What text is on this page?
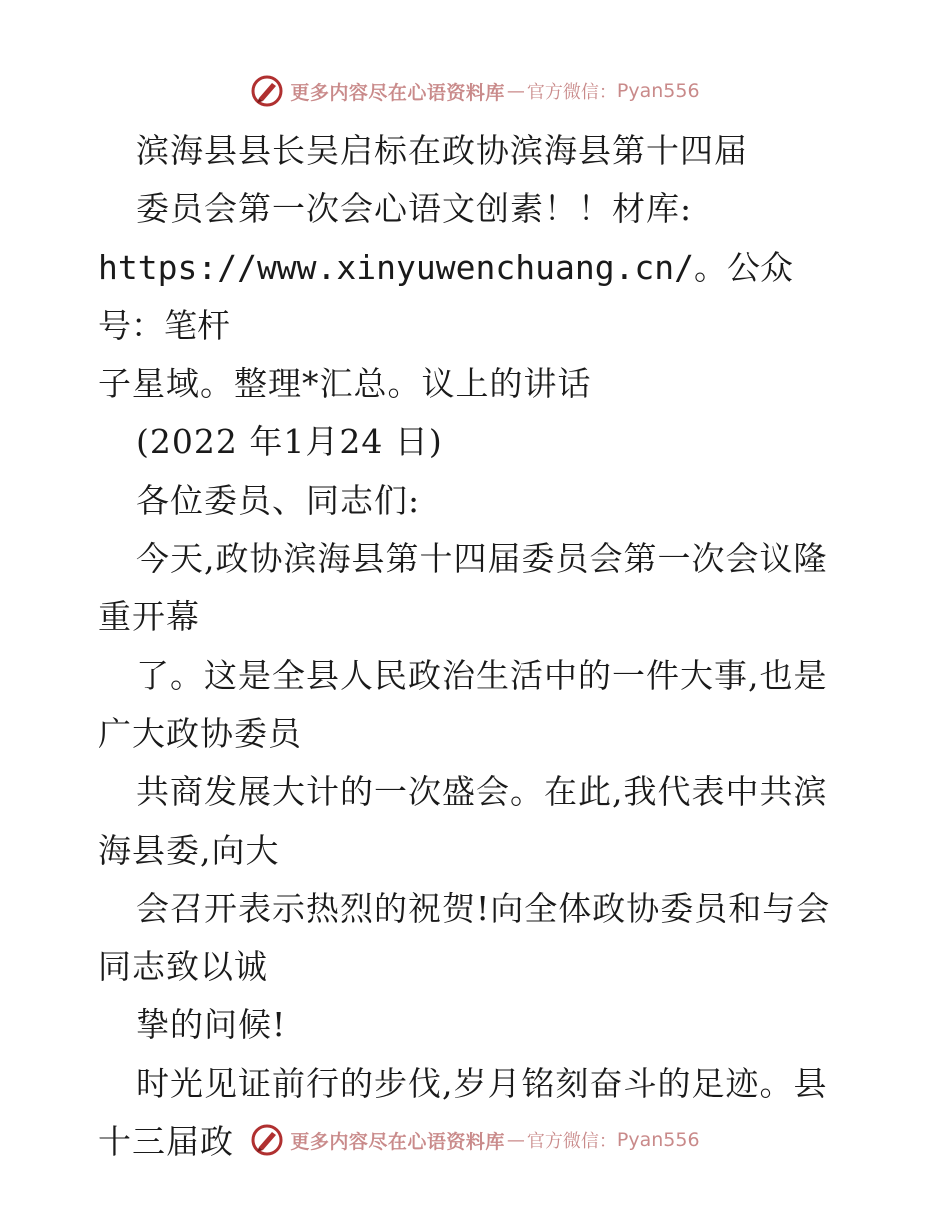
更多内容尽在心语资料库 — 官方微信： Pyan556

滨海县县长吴启标在政协滨海县第十四届

委员会第一次会心语文创素！！材库:

https://www.xinyuwenchuang.cn/。公众号：笔杆

子星域。整理*汇总。议上的讲话

(2022 年1月24 日)

各位委员、同志们:

今天,政协滨海县第十四届委员会第一次会议隆

重开幕

了。这是全县人民政治生活中的一件大事,也是

广大政协委员

共商发展大计的一次盛会。在此,我代表中共滨

海县委,向大

会召开表示热烈的祝贺!向全体政协委员和与会

同志致以诚

挚的问候!

时光见证前行的步伐,岁月铭刻奋斗的足迹。县

十三届政	更多内容尽在心语资料库 — 官方微信： Pyan556
